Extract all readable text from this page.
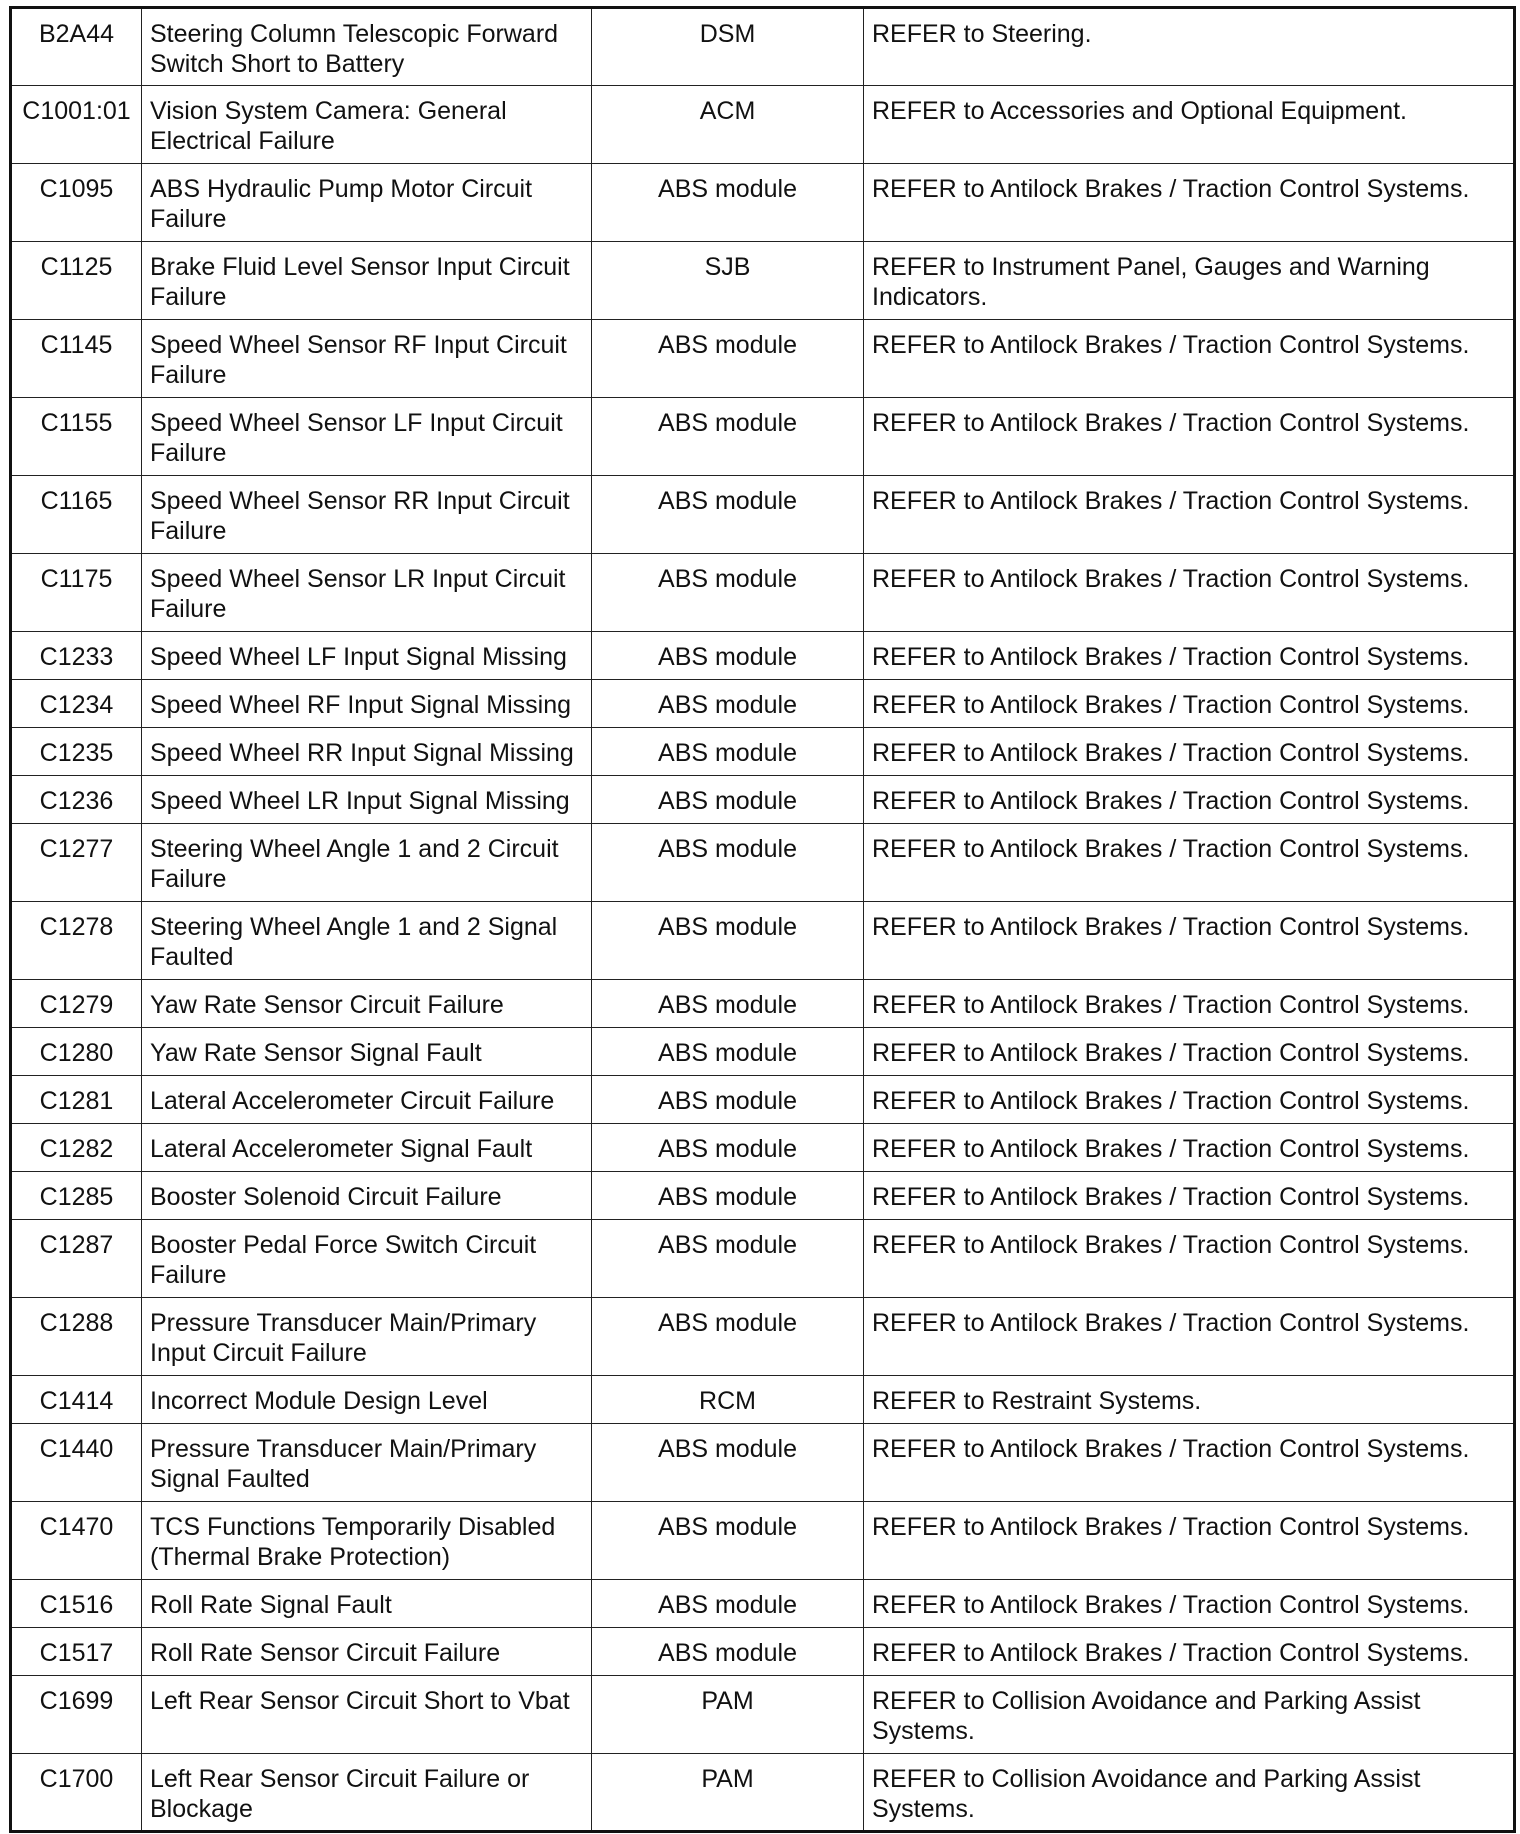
B2A44	Steering Column Telescopic Forward Switch Short to Battery	DSM	REFER to Steering.
C1001:01	Vision System Camera: General Electrical Failure	ACM	REFER to Accessories and Optional Equipment.
C1095	ABS Hydraulic Pump Motor Circuit Failure	ABS module	REFER to Antilock Brakes / Traction Control Systems.
C1125	Brake Fluid Level Sensor Input Circuit Failure	SJB	REFER to Instrument Panel, Gauges and Warning Indicators.
C1145	Speed Wheel Sensor RF Input Circuit Failure	ABS module	REFER to Antilock Brakes / Traction Control Systems.
C1155	Speed Wheel Sensor LF Input Circuit Failure	ABS module	REFER to Antilock Brakes / Traction Control Systems.
C1165	Speed Wheel Sensor RR Input Circuit Failure	ABS module	REFER to Antilock Brakes / Traction Control Systems.
C1175	Speed Wheel Sensor LR Input Circuit Failure	ABS module	REFER to Antilock Brakes / Traction Control Systems.
C1233	Speed Wheel LF Input Signal Missing	ABS module	REFER to Antilock Brakes / Traction Control Systems.
C1234	Speed Wheel RF Input Signal Missing	ABS module	REFER to Antilock Brakes / Traction Control Systems.
C1235	Speed Wheel RR Input Signal Missing	ABS module	REFER to Antilock Brakes / Traction Control Systems.
C1236	Speed Wheel LR Input Signal Missing	ABS module	REFER to Antilock Brakes / Traction Control Systems.
C1277	Steering Wheel Angle 1 and 2 Circuit Failure	ABS module	REFER to Antilock Brakes / Traction Control Systems.
C1278	Steering Wheel Angle 1 and 2 Signal Faulted	ABS module	REFER to Antilock Brakes / Traction Control Systems.
C1279	Yaw Rate Sensor Circuit Failure	ABS module	REFER to Antilock Brakes / Traction Control Systems.
C1280	Yaw Rate Sensor Signal Fault	ABS module	REFER to Antilock Brakes / Traction Control Systems.
C1281	Lateral Accelerometer Circuit Failure	ABS module	REFER to Antilock Brakes / Traction Control Systems.
C1282	Lateral Accelerometer Signal Fault	ABS module	REFER to Antilock Brakes / Traction Control Systems.
C1285	Booster Solenoid Circuit Failure	ABS module	REFER to Antilock Brakes / Traction Control Systems.
C1287	Booster Pedal Force Switch Circuit Failure	ABS module	REFER to Antilock Brakes / Traction Control Systems.
C1288	Pressure Transducer Main/Primary Input Circuit Failure	ABS module	REFER to Antilock Brakes / Traction Control Systems.
C1414	Incorrect Module Design Level	RCM	REFER to Restraint Systems.
C1440	Pressure Transducer Main/Primary Signal Faulted	ABS module	REFER to Antilock Brakes / Traction Control Systems.
C1470	TCS Functions Temporarily Disabled (Thermal Brake Protection)	ABS module	REFER to Antilock Brakes / Traction Control Systems.
C1516	Roll Rate Signal Fault	ABS module	REFER to Antilock Brakes / Traction Control Systems.
C1517	Roll Rate Sensor Circuit Failure	ABS module	REFER to Antilock Brakes / Traction Control Systems.
C1699	Left Rear Sensor Circuit Short to Vbat	PAM	REFER to Collision Avoidance and Parking Assist Systems.
C1700	Left Rear Sensor Circuit Failure or Blockage	PAM	REFER to Collision Avoidance and Parking Assist Systems.
